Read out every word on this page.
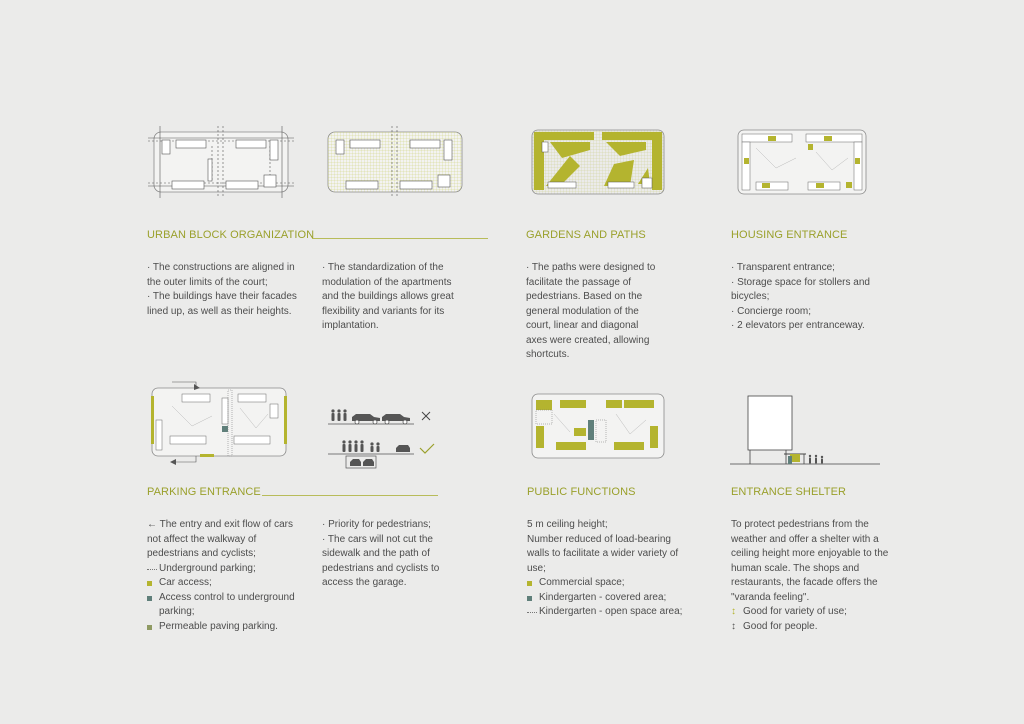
URBAN BLOCK ORGANIZATION	GARDENS AND PATHS	HOUSING ENTRANCE

· The constructions are aligned in the outer limits of the court;

· The buildings have their facades lined up, as well as their heights.

· The standardization of the modulation of the apartments and the buildings allows great flexibility and variants for its implantation.

· The paths were designed to facilitate the passage of pedestrians. Based on the general modulation of the court, linear and diagonal axes were created, allowing shortcuts.

· Transparent entrance;

· Storage space for stollers and bicycles;

· Concierge room;

· 2 elevators per entranceway.

PARKING ENTRANCE	PUBLIC FUNCTIONS	ENTRANCE SHELTER

← The entry and exit flow of cars not affect the walkway of pedestrians and cyclists;

Underground parking;
Car access;
Access control to underground parking;
Permeable paving parking.

· Priority for pedestrians;

· The cars will not cut the sidewalk and the path of pedestrians and cyclists to access the garage.

5 m ceiling height;

Number reduced of load-bearing walls to facilitate a wider variety of use;

Commercial space;
Kindergarten - covered area;
Kindergarten - open space area;

To protect pedestrians from the weather and offer a shelter with a ceiling height more enjoyable to the human scale. The shops and restaurants, the facade offers the "varanda feeling".

↕ Good for variety of use;
↕ Good for people.
